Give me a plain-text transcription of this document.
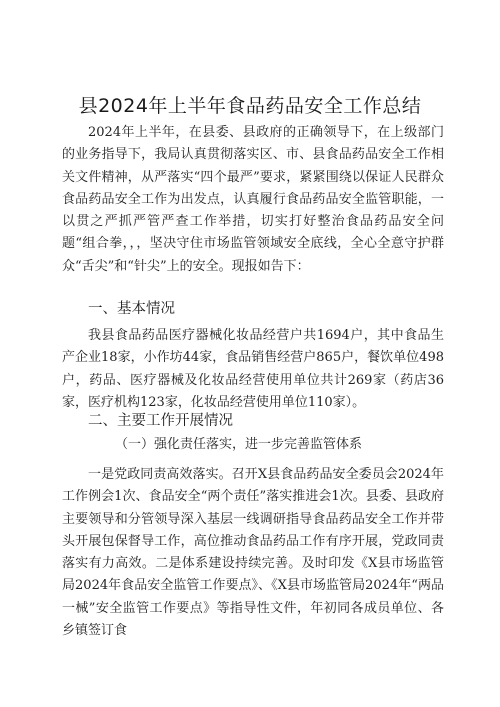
县2024年上半年食品药品安全工作总结

2024年上半年，在县委、县政府的正确领导下，在上级部门的业务指导下，我局认真贯彻落实区、市、县食品药品安全工作相关文件精神，从严落实“四个最严”要求，紧紧围绕以保证人民群众食品药品安全工作为出发点，认真履行食品药品安全监管职能，一以贯之严抓严管严查工作举措，切实打好整治食品药品安全问题“组合拳，，，坚决守住市场监管领域安全底线，全心全意守护群众“舌尖”和“针尖”上的安全。现报如告下：

一、基本情况

我县食品药品医疗器械化妆品经营户共1694户，其中食品生产企业18家，小作坊44家，食品销售经营户865户，餐饮单位498户，药品、医疗器械及化妆品经营使用单位共计269家（药店36家，医疗机构123家，化妆品经营使用单位110家）。

二、主要工作开展情况

（一）强化责任落实，进一步完善监管体系

一是党政同责高效落实。召开X县食品药品安全委员会2024年工作例会1次、食品安全“两个责任”落实推进会1次。县委、县政府主要领导和分管领导深入基层一线调研指导食品药品安全工作并带头开展包保督导工作，高位推动食品药品工作有序开展，党政同责落实有力高效。二是体系建设持续完善。及时印发《X县市场监管局2024年食品安全监管工作要点》、《X县市场监管局2024年“两品一械”安全监管工作要点》等指导性文件，年初同各成员单位、各乡镇签订食
